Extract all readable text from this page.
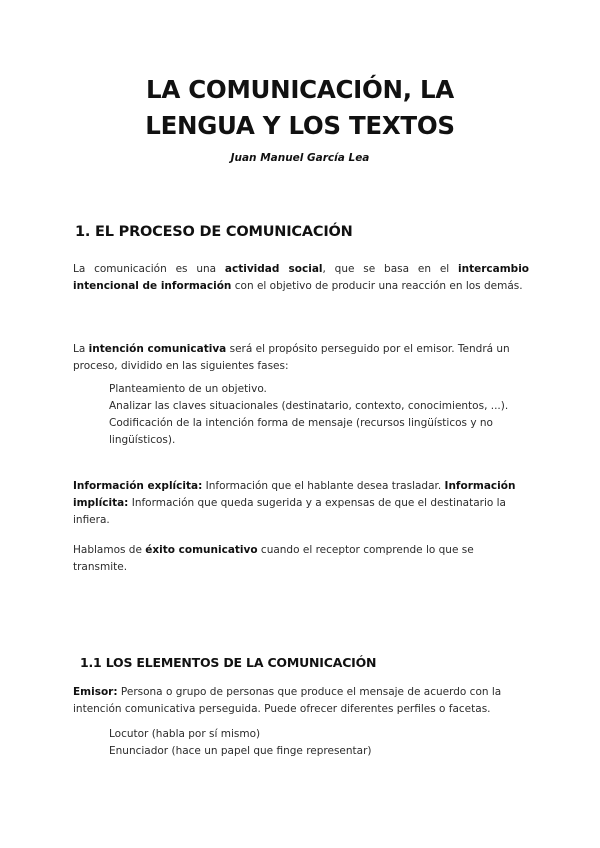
LA COMUNICACIÓN, LA
LENGUA Y LOS TEXTOS
Juan Manuel García Lea
1. EL PROCESO DE COMUNICACIÓN

La comunicación es una actividad social, que se basa en el intercambio intencional de información con el objetivo de producir una reacción en los demás.

La intención comunicativa será el propósito perseguido por el emisor. Tendrá un proceso, dividido en las siguientes fases:

Planteamiento de un objetivo.
Analizar las claves situacionales (destinatario, contexto, conocimientos, ...).
Codificación de la intención forma de mensaje (recursos lingüísticos y no lingüísticos).

Información explícita: Información que el hablante desea trasladar. Información implícita: Información que queda sugerida y a expensas de que el destinatario la infiera.

Hablamos de éxito comunicativo cuando el receptor comprende lo que se transmite.

1.1 LOS ELEMENTOS DE LA COMUNICACIÓN

Emisor: Persona o grupo de personas que produce el mensaje de acuerdo con la intención comunicativa perseguida. Puede ofrecer diferentes perfiles o facetas.

Locutor (habla por sí mismo)
Enunciador (hace un papel que finge representar)
